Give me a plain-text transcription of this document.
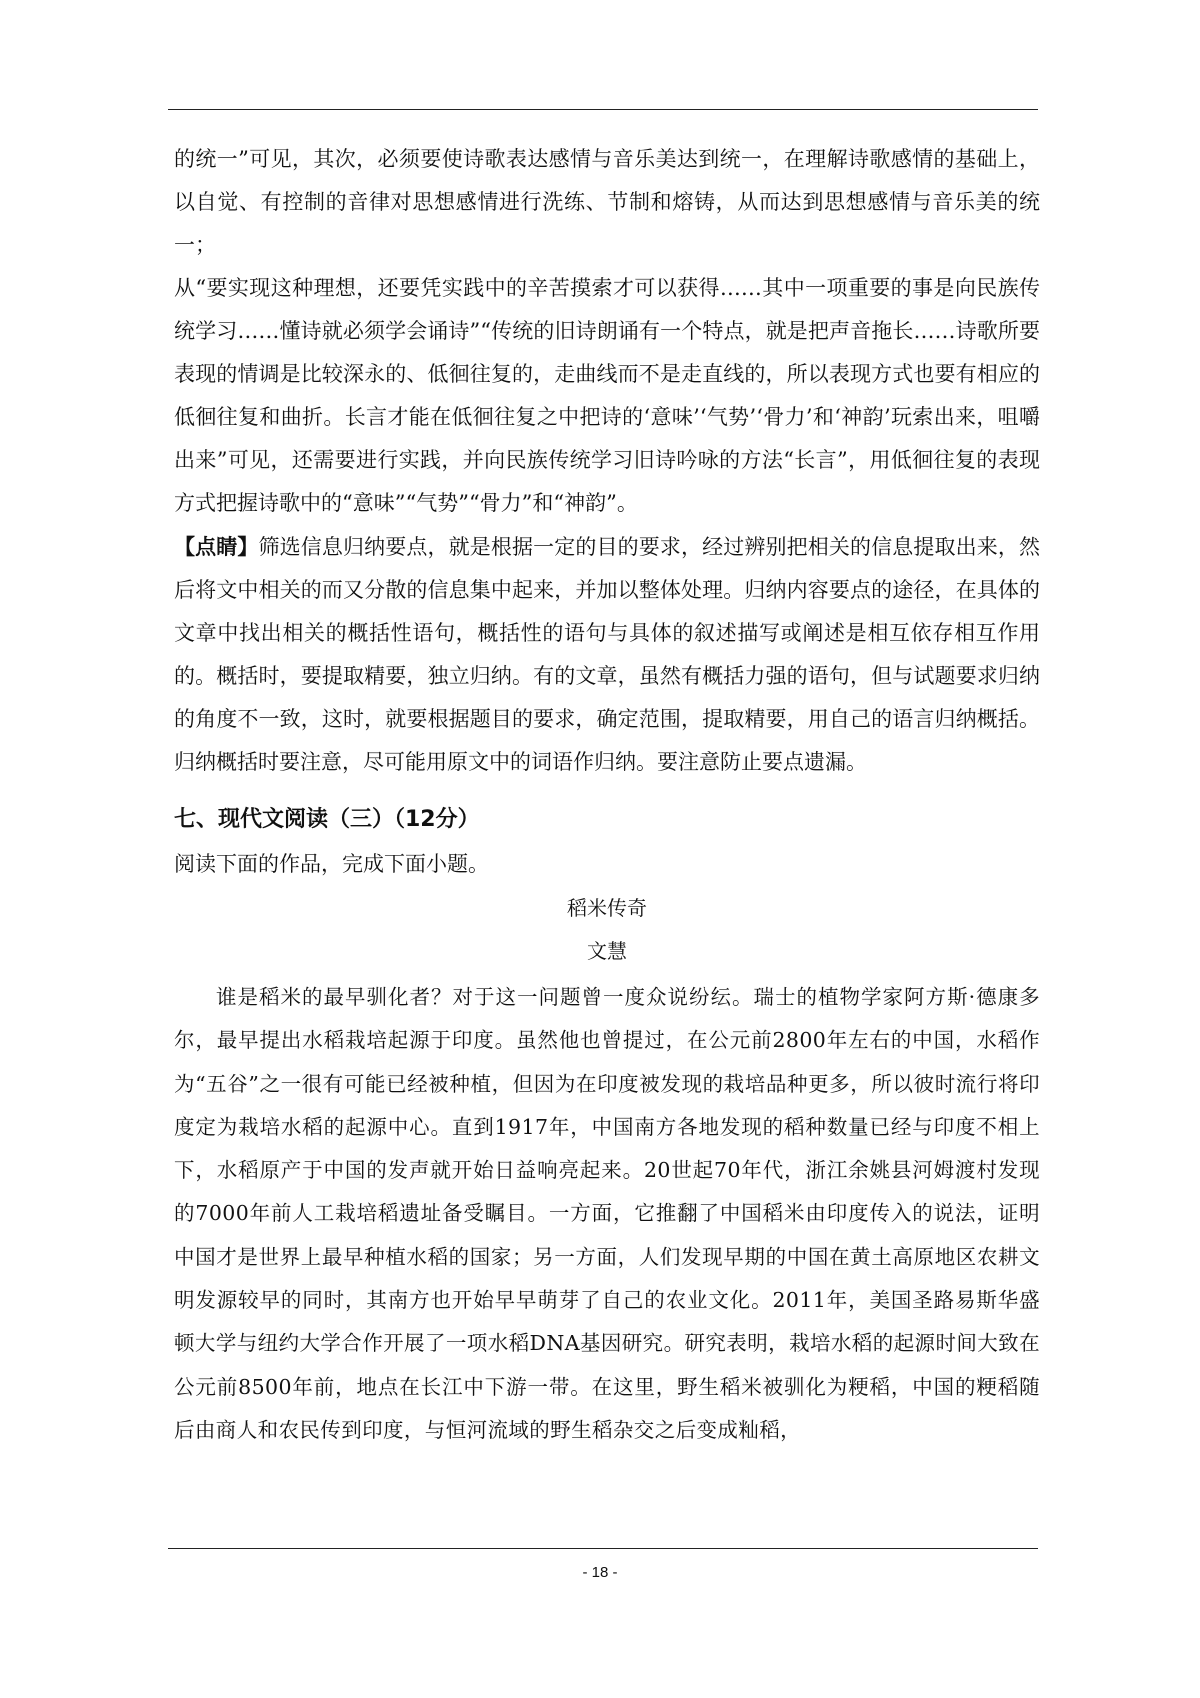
的统一”可见，其次，必须要使诗歌表达感情与音乐美达到统一，在理解诗歌感情的基础上，以自觉、有控制的音律对思想感情进行洗练、节制和熔铸，从而达到思想感情与音乐美的统一；

从“要实现这种理想，还要凭实践中的辛苦摸索才可以获得……其中一项重要的事是向民族传统学习……懂诗就必须学会诵诗”“传统的旧诗朗诵有一个特点，就是把声音拖长……诗歌所要表现的情调是比较深永的、低徊往复的，走曲线而不是走直线的，所以表现方式也要有相应的低徊往复和曲折。长言才能在低徊往复之中把诗的‘意味’‘气势’‘骨力’和‘神韵’玩索出来，咀嚼出来”可见，还需要进行实践，并向民族传统学习旧诗吟咏的方法“长言”，用低徊往复的表现方式把握诗歌中的“意味”“气势”“骨力”和“神韵”。

【点睛】筛选信息归纳要点，就是根据一定的目的要求，经过辨别把相关的信息提取出来，然后将文中相关的而又分散的信息集中起来，并加以整体处理。归纳内容要点的途径，在具体的文章中找出相关的概括性语句，概括性的语句与具体的叙述描写或阐述是相互依存相互作用的。概括时，要提取精要，独立归纳。有的文章，虽然有概括力强的语句，但与试题要求归纳的角度不一致，这时，就要根据题目的要求，确定范围，提取精要，用自己的语言归纳概括。归纳概括时要注意，尽可能用原文中的词语作归纳。要注意防止要点遗漏。

七、现代文阅读（三）（12分）

阅读下面的作品，完成下面小题。

稻米传奇

文慧

谁是稻米的最早驯化者？对于这一问题曾一度众说纷纭。瑞士的植物学家阿方斯·德康多尔，最早提出水稻栽培起源于印度。虽然他也曾提过，在公元前2800年左右的中国，水稻作为“五谷”之一很有可能已经被种植，但因为在印度被发现的栽培品种更多，所以彼时流行将印度定为栽培水稻的起源中心。直到1917年，中国南方各地发现的稻种数量已经与印度不相上下，水稻原产于中国的发声就开始日益响亮起来。20世起70年代，浙江余姚县河姆渡村发现的7000年前人工栽培稻遗址备受瞩目。一方面，它推翻了中国稻米由印度传入的说法，证明中国才是世界上最早种植水稻的国家；另一方面，人们发现早期的中国在黄土高原地区农耕文明发源较早的同时，其南方也开始早早萌芽了自己的农业文化。2011年，美国圣路易斯华盛顿大学与纽约大学合作开展了一项水稻DNA基因研究。研究表明，栽培水稻的起源时间大致在公元前8500年前，地点在长江中下游一带。在这里，野生稻米被驯化为粳稻，中国的粳稻随后由商人和农民传到印度，与恒河流域的野生稻杂交之后变成籼稻，

- 18 -
